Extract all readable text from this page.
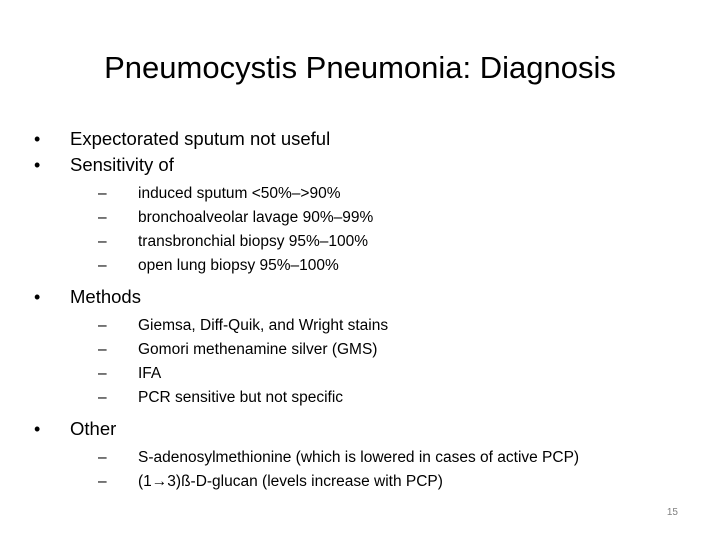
Pneumocystis Pneumonia: Diagnosis
•	Expectorated sputum not useful
•	Sensitivity of
–	induced sputum <50%–>90%
–	bronchoalveolar lavage 90%–99%
–	transbronchial biopsy 95%–100%
–	open lung biopsy 95%–100%
•	Methods
–	Giemsa, Diff-Quik, and Wright stains
–	Gomori methenamine silver (GMS)
–	IFA
–	PCR sensitive but not specific
•	Other
–	S-adenosylmethionine (which is lowered in cases of active PCP)
–	(1→3)ß-D-glucan (levels increase with PCP)
15
